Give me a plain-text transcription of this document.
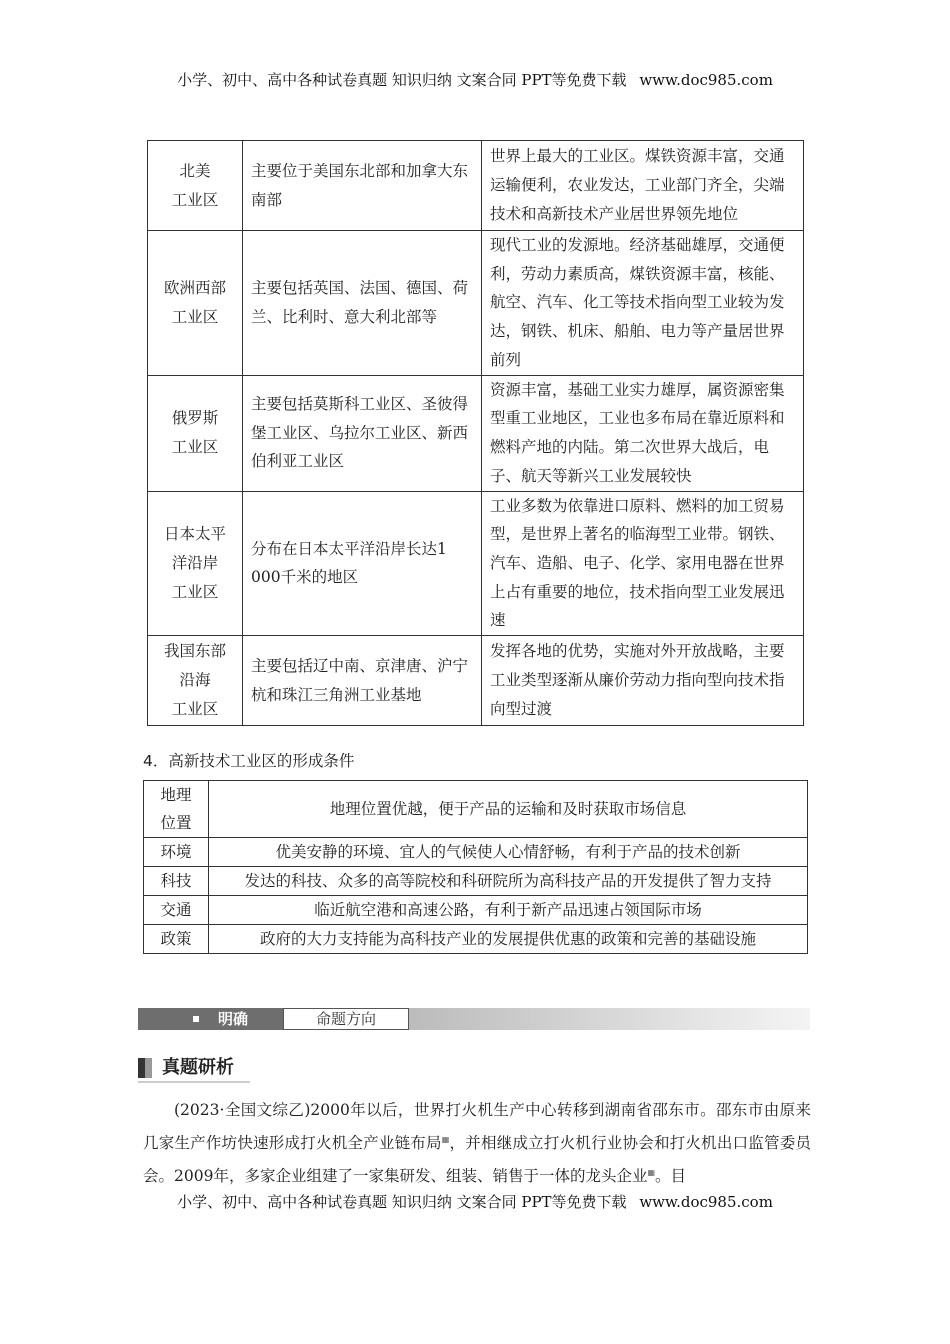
小学、初中、高中各种试卷真题 知识归纳 文案合同 PPT等免费下载 www.doc985.com
北美
工业区	主要位于美国东北部和加拿大东南部	世界上最大的工业区。煤铁资源丰富，交通运输便利，农业发达，工业部门齐全，尖端技术和高新技术产业居世界领先地位
欧洲西部
工业区	主要包括英国、法国、德国、荷兰、比利时、意大利北部等	现代工业的发源地。经济基础雄厚，交通便利，劳动力素质高，煤铁资源丰富，核能、航空、汽车、化工等技术指向型工业较为发达，钢铁、机床、船舶、电力等产量居世界前列
俄罗斯
工业区	主要包括莫斯科工业区、圣彼得堡工业区、乌拉尔工业区、新西伯利亚工业区	资源丰富，基础工业实力雄厚，属资源密集型重工业地区，工业也多布局在靠近原料和燃料产地的内陆。第二次世界大战后，电子、航天等新兴工业发展较快
日本太平
洋沿岸
工业区	分布在日本太平洋沿岸长达1 000千米的地区	工业多数为依靠进口原料、燃料的加工贸易型，是世界上著名的临海型工业带。钢铁、汽车、造船、电子、化学、家用电器在世界上占有重要的地位，技术指向型工业发展迅速
我国东部
沿海
工业区	主要包括辽中南、京津唐、沪宁杭和珠江三角洲工业基地	发挥各地的优势，实施对外开放战略，主要工业类型逐渐从廉价劳动力指向型向技术指向型过渡
4．高新技术工业区的形成条件
地理
位置	地理位置优越，便于产品的运输和及时获取市场信息
环境	优美安静的环境、宜人的气候使人心情舒畅，有利于产品的技术创新
科技	发达的科技、众多的高等院校和科研院所为高科技产品的开发提供了智力支持
交通	临近航空港和高速公路，有利于新产品迅速占领国际市场
政策	政府的大力支持能为高科技产业的发展提供优惠的政策和完善的基础设施
明确	命题方向
真题研析
(2023·全国文综乙)2000年以后，世界打火机生产中心转移到湖南省邵东市。邵东市由原来几家生产作坊快速形成打火机全产业链布局▦，并相继成立打火机行业协会和打火机出口监管委员会。2009年，多家企业组建了一家集研发、组装、销售于一体的龙头企业▦。目
小学、初中、高中各种试卷真题 知识归纳 文案合同 PPT等免费下载 www.doc985.com
